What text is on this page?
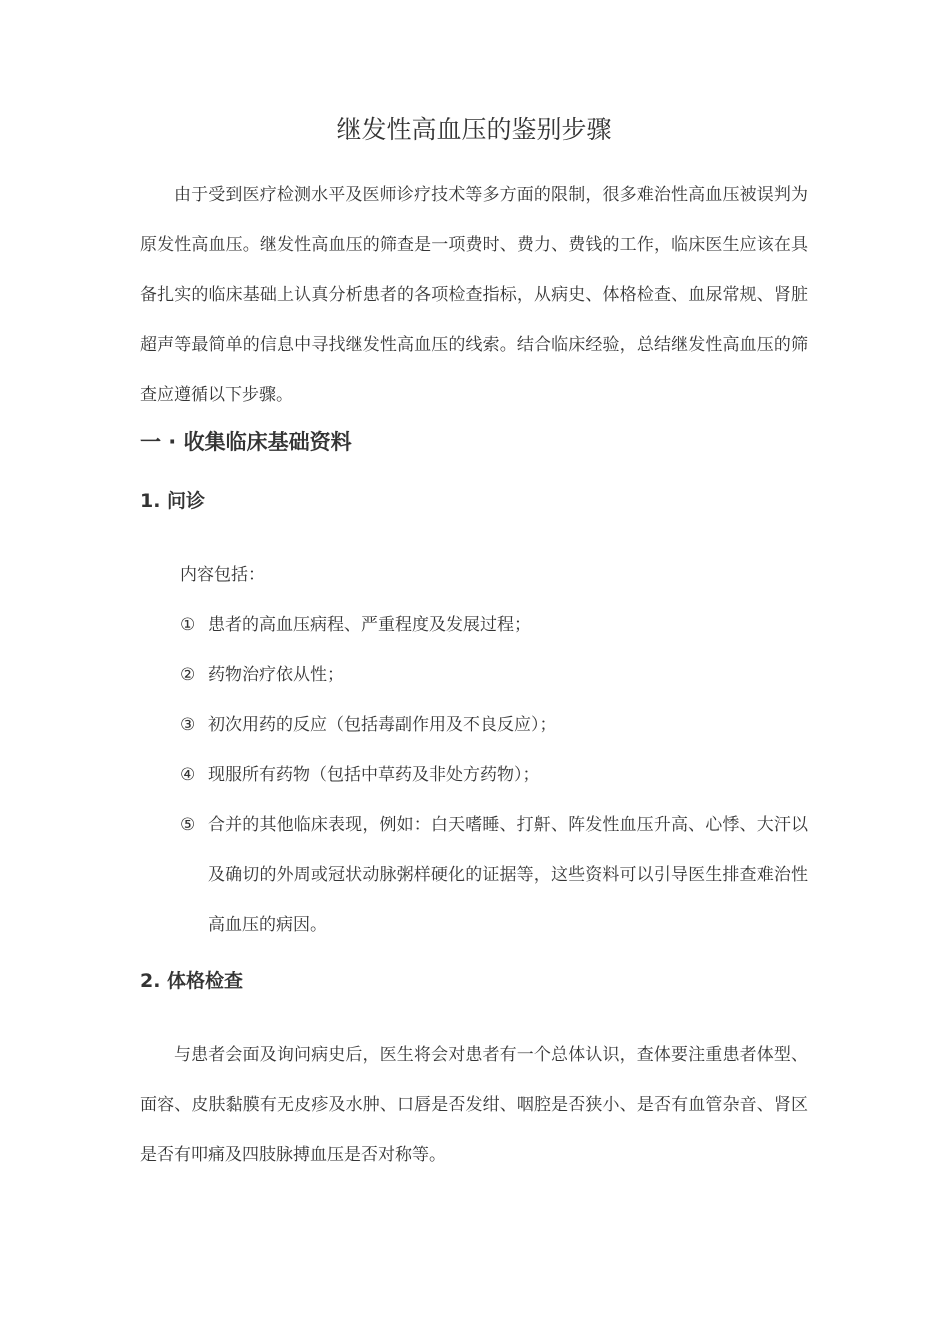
继发性高血压的鉴别步骤

由于受到医疗检测水平及医师诊疗技术等多方面的限制，很多难治性高血压被误判为原发性高血压。继发性高血压的筛查是一项费时、费力、费钱的工作，临床医生应该在具备扎实的临床基础上认真分析患者的各项检查指标，从病史、体格检查、血尿常规、肾脏超声等最简单的信息中寻找继发性高血压的线索。结合临床经验，总结继发性高血压的筛查应遵循以下步骤。

一 · 收集临床基础资料
1. 问诊

内容包括：

① 患者的高血压病程、严重程度及发展过程；
② 药物治疗依从性；
③ 初次用药的反应（包括毒副作用及不良反应）；
④ 现服所有药物（包括中草药及非处方药物）；
⑤ 合并的其他临床表现，例如：白天嗜睡、打鼾、阵发性血压升高、心悸、大汗以及确切的外周或冠状动脉粥样硬化的证据等，这些资料可以引导医生排查难治性高血压的病因。
2. 体格检查

与患者会面及询问病史后，医生将会对患者有一个总体认识，查体要注重患者体型、面容、皮肤黏膜有无皮疹及水肿、口唇是否发绀、咽腔是否狭小、是否有血管杂音、肾区是否有叩痛及四肢脉搏血压是否对称等。
